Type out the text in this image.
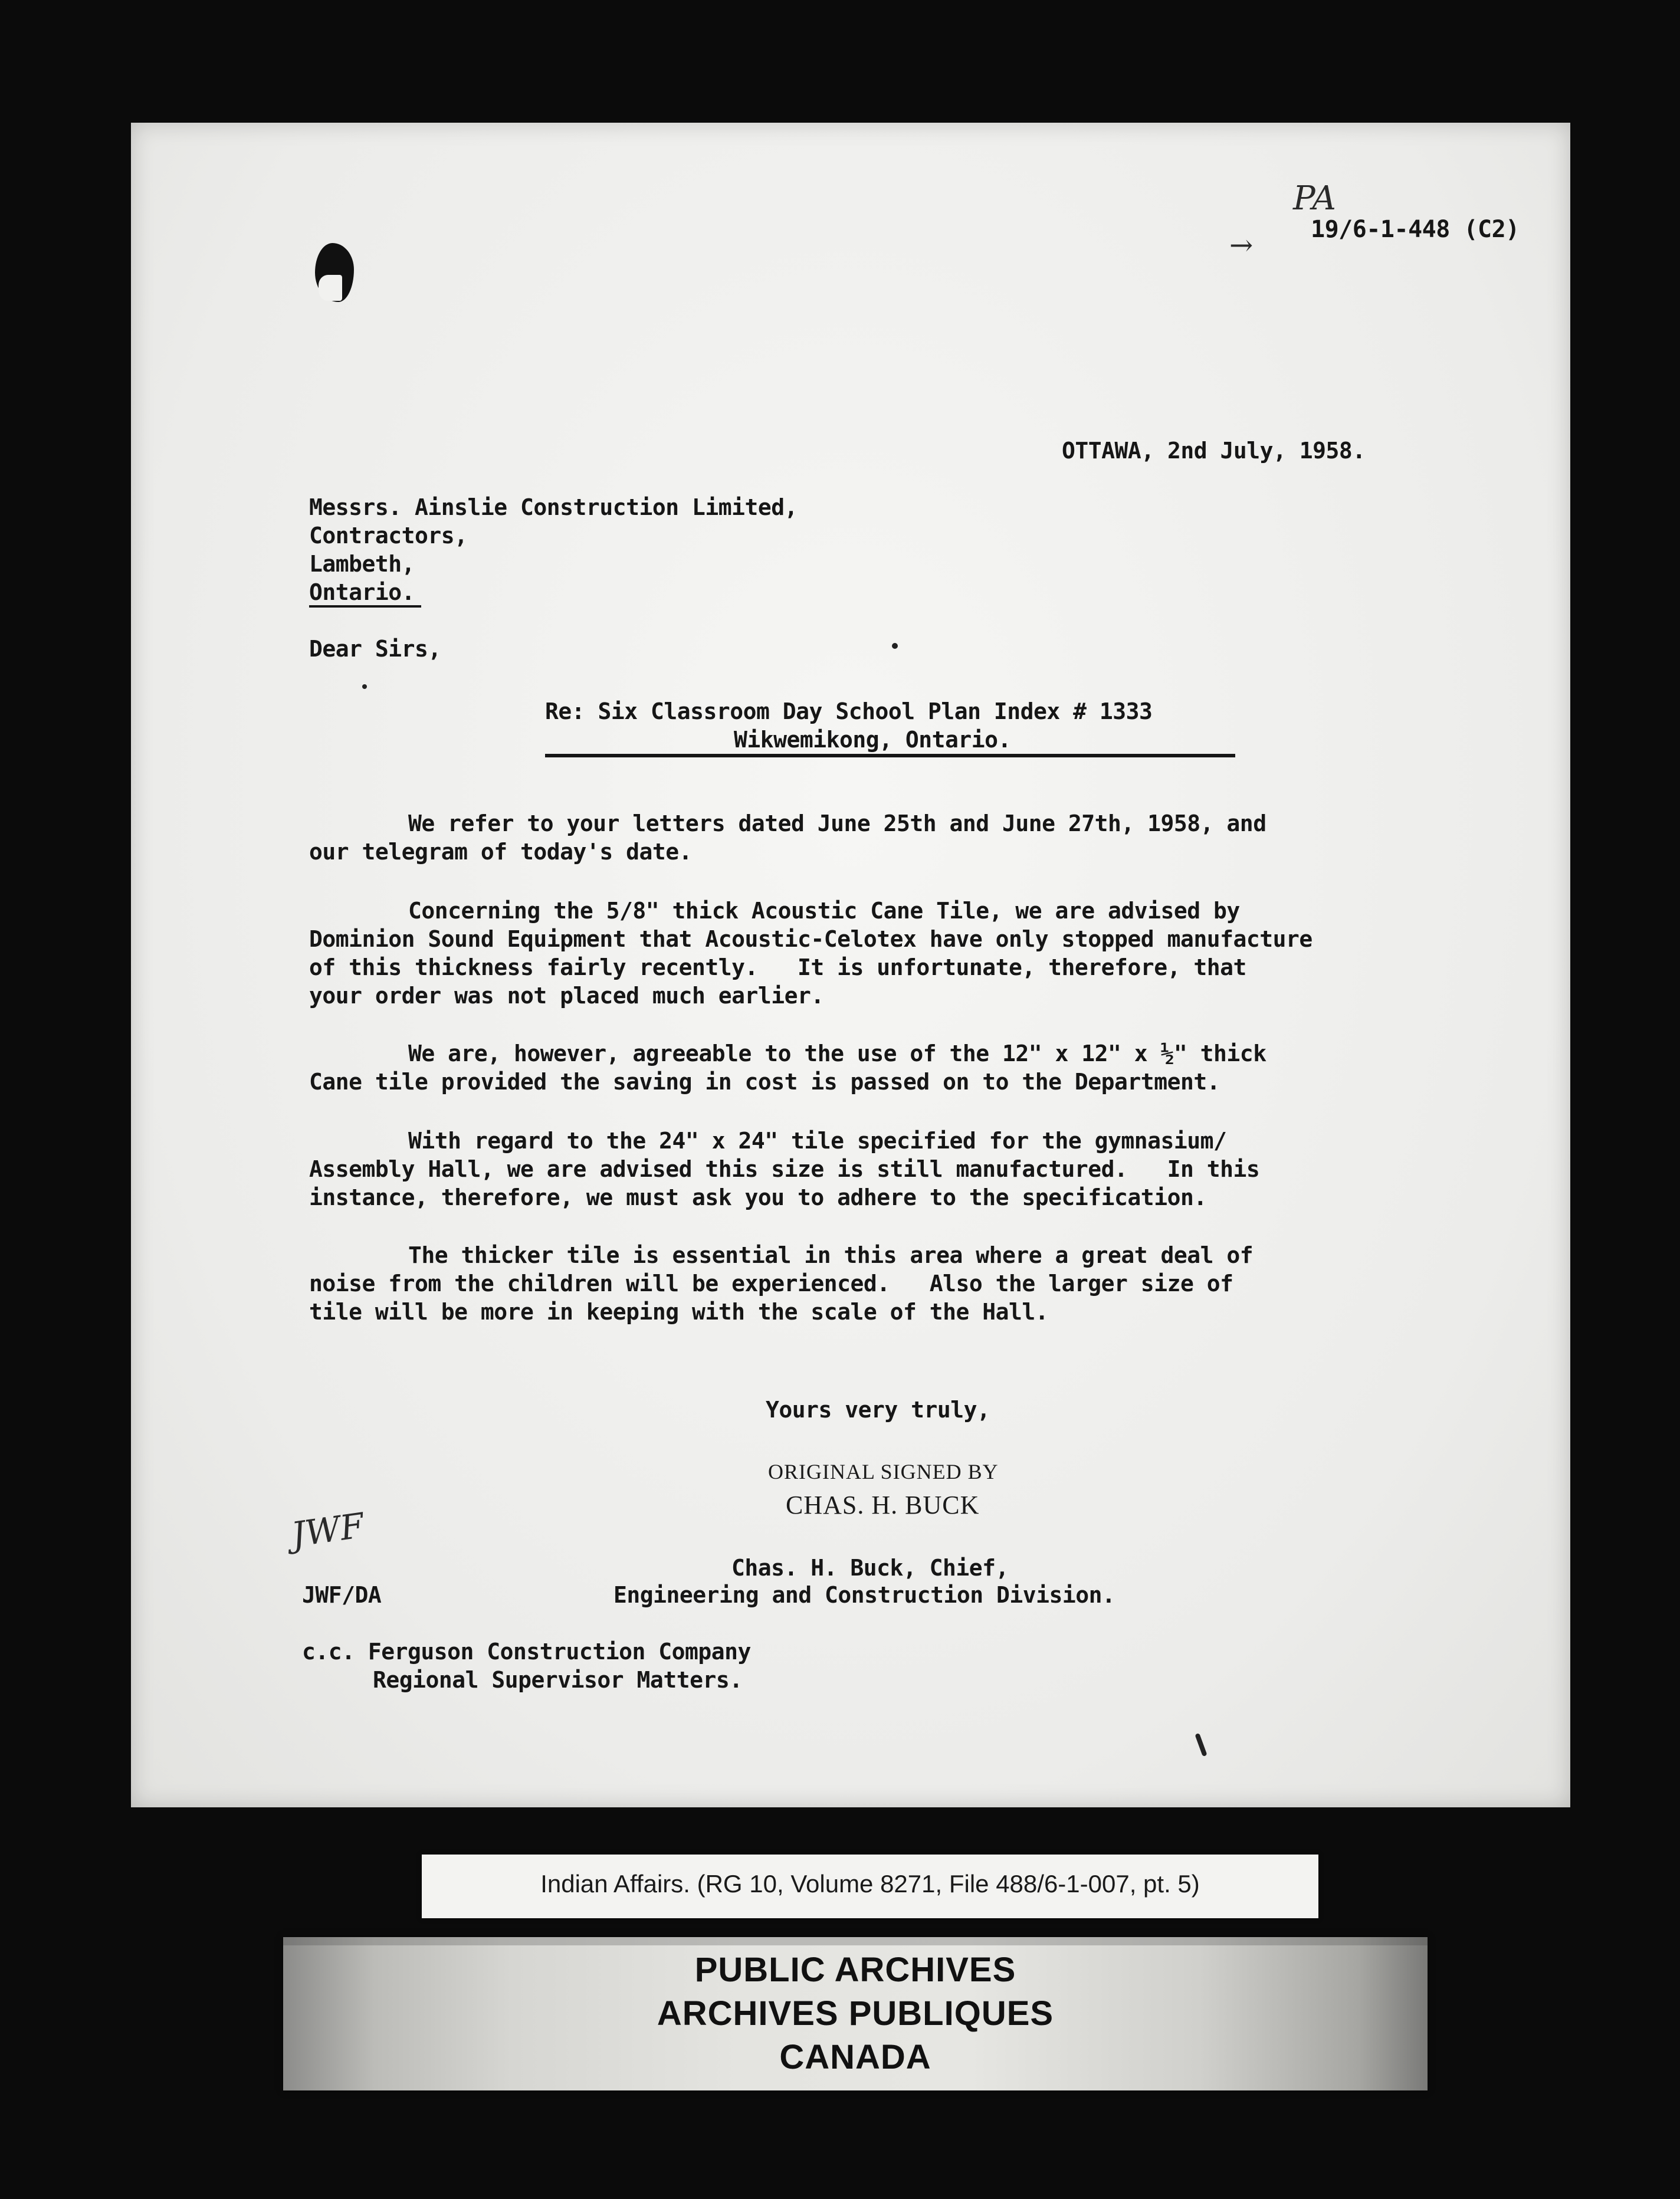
PA
→ 19/6-1-448 (C2)
OTTAWA, 2nd July, 1958.
Messrs. Ainslie Construction Limited,
Contractors,
Lambeth,
Ontario.
Dear Sirs,
Re: Six Classroom Day School Plan Index # 1333
Wikwemikong, Ontario.
We refer to your letters dated June 25th and June 27th, 1958, and
our telegram of today's date.
Concerning the 5/8" thick Acoustic Cane Tile, we are advised by
Dominion Sound Equipment that Acoustic-Celotex have only stopped manufacture
of this thickness fairly recently.   It is unfortunate, therefore, that
your order was not placed much earlier.
We are, however, agreeable to the use of the 12" x 12" x ½" thick
Cane tile provided the saving in cost is passed on to the Department.
With regard to the 24" x 24" tile specified for the gymnasium/
Assembly Hall, we are advised this size is still manufactured.   In this
instance, therefore, we must ask you to adhere to the specification.
The thicker tile is essential in this area where a great deal of
noise from the children will be experienced.   Also the larger size of
tile will be more in keeping with the scale of the Hall.
Yours very truly,
ORIGINAL SIGNED BY
CHAS. H. BUCK
JWF
Chas. H. Buck, Chief,
JWF/DA	Engineering and Construction Division.
c.c. Ferguson Construction Company
Regional Supervisor Matters.
Indian Affairs. (RG 10, Volume 8271, File 488/6-1-007, pt. 5)
PUBLIC ARCHIVES
ARCHIVES PUBLIQUES
CANADA
